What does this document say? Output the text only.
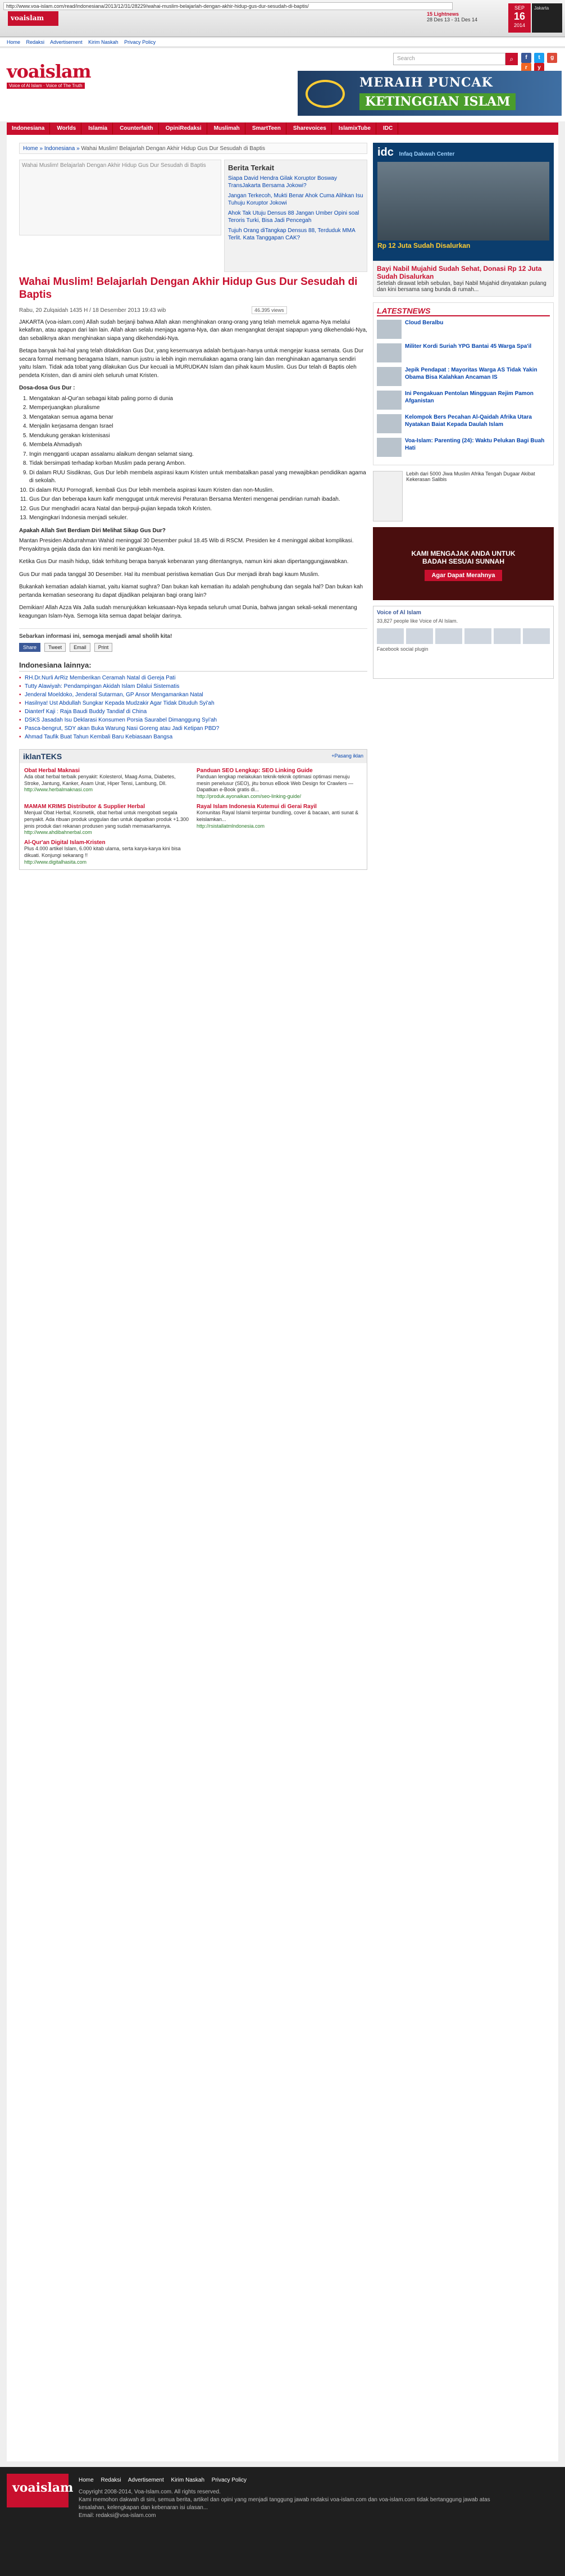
http://www.voa-islam.com/read/indonesiana/2013/12/31/28229/wahai-muslim-belajarlah-dengan-akhir-hidup-gus-dur-sesudah-di-baptis/
voaislam	15 Lightnews
28 Des 13 - 31 Des 14
SEP
16
2014
Jakarta
Home Redaksi Advertisement Kirim Naskah Privacy Policy
voaislam
Voice of Al Islam · Voice of The Truth
Search	⌕	f t g r y
MERAIH PUNCAK
KETINGGIAN ISLAM
Indonesiana Worlds Islamia Counterfaith OpiniRedaksi Muslimah SmartTeen Sharevoices IslamixTube IDC
Home » Indonesiana » Wahai Muslim! Belajarlah Dengan Akhir Hidup Gus Dur Sesudah di Baptis
Wahai Muslim! Belajarlah Dengan Akhir Hidup Gus Dur Sesudah di Baptis	Berita Terkait
Siapa David Hendra Gilak Koruptor Bosway TransJakarta Bersama Jokowi?
Jangan Terkecoh, Mukti Benar Ahok Cuma Alihkan Isu Tuhuju Koruptor Jokowi
Ahok Tak Utuju Densus 88 Jangan Umber Opini soal Teroris Turki, Bisa Jadi Pencegah
Tujuh Orang diTangkap Densus 88, Terduduk MMA Terlit. Kata Tanggapan CAK?
Wahai Muslim! Belajarlah Dengan Akhir Hidup Gus Dur Sesudah di Baptis
Rabu, 20 Zulqaidah 1435 H / 18 Desember 2013 19:43 wib	46.395 views

JAKARTA (voa-islam.com) Allah sudah berjanji bahwa Allah akan menghinakan orang-orang yang telah memeluk agama-Nya melalui kekafiran, atau apapun dari lain lain. Allah akan selalu menjaga agama-Nya, dan akan mengangkat derajat siapapun yang dikehendaki-Nya, dan sebaliknya akan menghinakan siapa yang dikehendaki-Nya.

Betapa banyak hal-hal yang telah ditakdirkan Gus Dur, yang kesemuanya adalah bertujuan-hanya untuk mengejar kuasa semata. Gus Dur secara formal memang beragama Islam, namun justru ia lebih ingin memuliakan agama orang lain dan menghinakan agamanya sendiri yaitu Islam. Tidak ada tobat yang dilakukan Gus Dur kecuali ia MURUDKAN Islam dan pihak kaum Muslim. Gus Dur telah di Baptis oleh pendeta Kristen, dan di amini oleh seluruh umat Kristen.

Dosa-dosa Gus Dur :
1. Mengatakan al-Qur'an sebagai kitab paling porno di dunia
2. Memperjuangkan pluralisme
3. Mengatakan semua agama benar
4. Menjalin kerjasama dengan Israel
5. Mendukung gerakan kristenisasi
6. Membela Ahmadiyah
7. Ingin mengganti ucapan assalamu alaikum dengan selamat siang.
8. Tidak bersimpati terhadap korban Muslim pada perang Ambon.
9. Di dalam RUU Sisdiknas, Gus Dur lebih membela aspirasi kaum Kristen untuk membatalkan pasal yang mewajibkan pendidikan agama di sekolah.
10. Di dalam RUU Pornografi, kembali Gus Dur lebih membela aspirasi kaum Kristen dan non-Muslim.
11. Gus Dur dan beberapa kaum kafir menggugat untuk merevisi Peraturan Bersama Menteri mengenai pendirian rumah ibadah.
12. Gus Dur menghadiri acara Natal dan berpuji-pujian kepada tokoh Kristen.
13. Mengingkari Indonesia menjadi sekuler.

Apakah Allah Swt Berdiam Diri Melihat Sikap Gus Dur?

Mantan Presiden Abdurrahman Wahid meninggal 30 Desember pukul 18.45 Wib di RSCM. Presiden ke 4 meninggal akibat komplikasi. Penyakitnya gejala dada dan kini meniti ke pangkuan-Nya.

Ketika Gus Dur masih hidup, tidak terhitung berapa banyak kebenaran yang ditentangnya, namun kini akan dipertanggungjawabkan.

Gus Dur mati pada tanggal 30 Desember. Hal itu membuat peristiwa kematian Gus Dur menjadi ibrah bagi kaum Muslim.

Bukankah kematian adalah kiamat, yaitu kiamat sughra? Dan bukan kah kematian itu adalah penghubung dan segala hal? Dan bukan kah pertanda kematian seseorang itu dapat dijadikan pelajaran bagi orang lain?

Demikian! Allah Azza Wa Jalla sudah menunjukkan kekuasaan-Nya kepada seluruh umat Dunia, bahwa jangan sekali-sekali menentang keagungan Islam-Nya. Semoga kita semua dapat belajar darinya.

Sebarkan informasi ini, semoga menjadi amal sholih kita!
Share Tweet Email Print
Indonesiana lainnya:
▪ RH.Dr.Nurli ArRiz Memberikan Ceramah Natal di Gereja Pati
▪ Tutty Alawiyah: Pendampingan Akidah Islam Dilalui Sistematis
▪ Jenderal Moeldoko, Jenderal Sutarman, GP Ansor Mengamankan Natal
▪ Hasilnya! Ust Abdullah Sungkar Kepada Mudzakir Agar Tidak Dituduh Syi'ah
▪ Dianterf Kaji : Raja Baudi Buddy Tandiaf di China
▪ DSKS Jasadah Isu Deklarasi Konsumen Porsia Saurabel Dimanggung Syi'ah
▪ Pasca-bengrut, SDY akan Buka Warung Nasi Goreng atau Jadi Ketipan PBD?
▪ Ahmad Taufik Buat Tahun Kembali Baru Kebiasaan Bangsa
iklanTEKS	+Pasang iklan
Obat Herbal Maknasi
Ada obat herbal terbaik penyakit: Kolesterol, Maag Asma, Diabetes, Stroke, Jantung, Kanker, Asam Urat, Hiper Tensi, Lambung, Dll.
http://www.herbalmaknasi.com
Panduan SEO Lengkap: SEO Linking Guide
Panduan lengkap melakukan teknik-teknik optimasi optimasi menuju mesin penelusur (SEO), jitu bonus eBook Web Design for Crawlers — Dapatkan e-Book gratis di...
http://produk.ayonaikan.com/seo-linking-guide/
MAMAM KRIMS Distributor & Supplier Herbal
Menjual Obat Herbal, Kosmetik, obat herbal untuk mengobati segala penyakit. Ada ribuan produk unggulan dan untuk dapatkan produk +1.300 jenis produk dari rekanan produsen yang sudah memasarkannya.
http://www.ahdibahnerbal.com
Rayal Islam Indonesia Kutemui di Gerai Rayil
Komunitas Rayal Islamii terpintar bundling, cover & bacaan, anti sunat & keislamkan...
http://rsistallatmlndonesia.com
Al-Qur'an Digital Islam-Kristen
Plus 4.000 artikel Islam, 6.000 kitab ulama, serta karya-karya kini bisa dikuati. Konjungi sekarang !!
http://www.digitalhasita.com
idc Infaq Dakwah Center
Rp 12 Juta Sudah Disalurkan
Bayi Nabil Mujahid Sudah Sehat, Donasi Rp 12 Juta Sudah Disalurkan
Setelah dirawat lebih sebulan, bayi Nabil Mujahid dinyatakan pulang dan kini bersama sang bunda di rumah...
LATESTNEWS
Cloud Beralbu
Militer Kordi Suriah YPG Bantai 45 Warga Spa'il
Jepik Pendapat : Mayoritas Warga AS Tidak Yakin Obama Bisa Kalahkan Ancaman IS
Ini Pengakuan Pentolan Mingguan Rejim Pamon Afganistan
Kelompok Bers Pecahan Al-Qaidah Afrika Utara Nyatakan Baiat Kepada Daulah Islam
Voa-Islam: Parenting (24): Waktu Pelukan Bagi Buah Hati
Lebih dari 5000 Jiwa Muslim Afrika Tengah Dugaar Akibat Kekerasan Salibis
KAMI MENGAJAK ANDA UNTUK
BADAH SESUAI SUNNAH
Agar Dapat Merahnya
Voice of Al Islam
33,827 people like Voice of Al Islam.
Facebook social plugin
voaislam
Home Redaksi Advertisement Kirim Naskah Privacy Policy
Copyright 2008-2014, Voa-Islam.com. All rights reserved.
Kami memohon dakwah di sini, semua berita, artikel dan opini yang menjadi tanggung jawab redaksi voa-islam.com dan voa-islam.com tidak bertanggung jawab atas kesalahan, kelengkapan dan kebenaran isi ulasan...
Email: redaksi@voa-islam.com
